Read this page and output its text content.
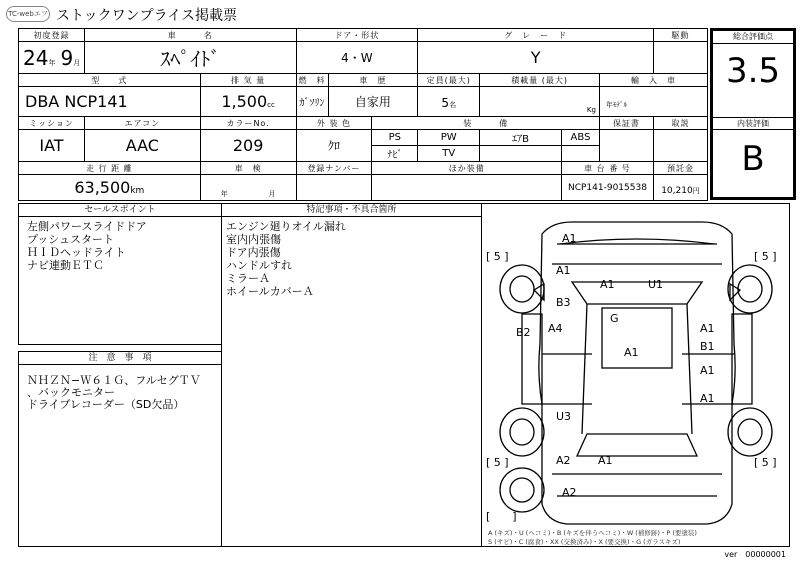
TC-webエフ ストックワンプライス掲載票
初度登録	車　　　名		ドア・形状			グ　レ　ー　ド				駆動
24年 9月	ｽﾍﾟｲﾄﾞ		4・W			Y				
型　　式		排 気 量	燃　料	車　歴		定員(最大)	積載量 (最大)		輸　入　車	
DBA NCP141		1,500cc	ｶﾞｿﾘﾝ	自家用		5名	Kg		年ﾓﾃﾞﾙ	
ミッション	エアコン	カラーNo.	外 装 色		装　　　備				保証書	取説
IAT	AAC	209	ｸﾛ		PS	PW	ｴｱB	ABS		
					ﾅﾋﾞ	TV				
走 行 距 離		車　検	登録ナンバー		ほか装備			車 台 番 号		預託金
63,500km		年 月						NCP141-9015538		10,210円
総合評価点
3.5
内装評価
B
セールスポイント
左側パワースライドドア
プッシュスタート
ＨＩＤヘッドライト
ナビ連動ＥＴＣ
特記事項・不具合箇所
エンジン廻りオイル漏れ
室内内張傷
ドア内張傷
ハンドルすれ
ミラーＡ
ホイールカバーＡ
注　意　事　項
ＮＨＺＮ−Ｗ６１Ｇ、フルセグＴＶ
、バックモニター
ドライブレコーダー（SD欠品）
[ 5 ]	[ 5 ]
[ 5 ]	[ 5 ]
[　　]
A1
A1
A1	U1
B3
G
B2 A4	A1
A1	B1
A1
A1
U3
A2 A1
A2
A (キズ)・U (ヘコミ)・B (キズを伴うヘコミ)・W (補修跡)・P (要塗装)
S (サビ)・C (腐食)・XX (交換済み)・X (要交換)・G (ガラスキズ)
ver　00000001
